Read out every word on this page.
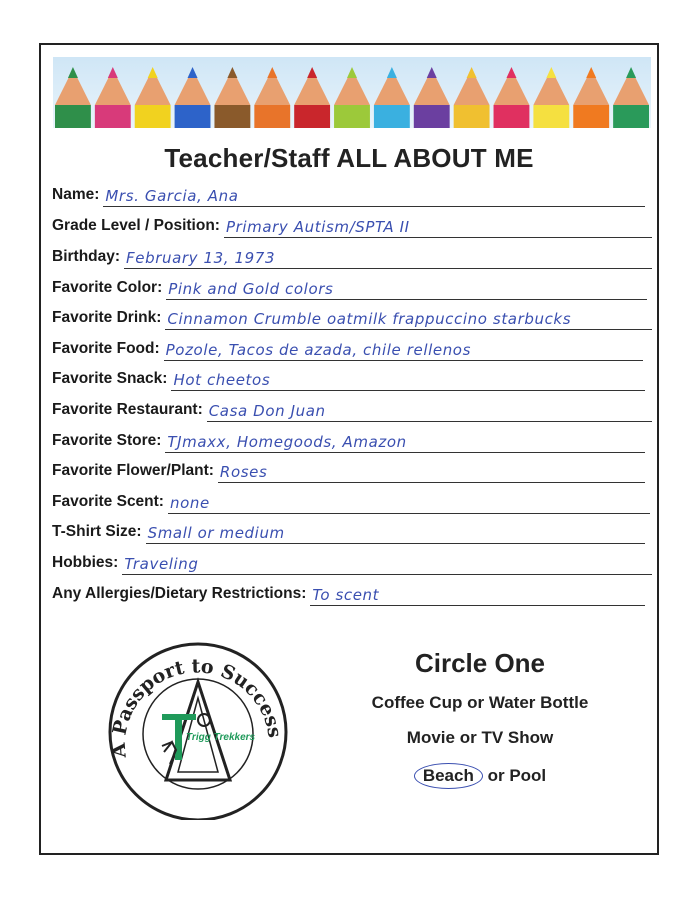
Teacher/Staff ALL ABOUT ME
Name: Mrs. Garcia, Ana
Grade Level / Position: Primary Autism/SPTA II
Birthday: February 13, 1973
Favorite Color: Pink and Gold colors
Favorite Drink: Cinnamon Crumble oatmilk frappuccino starbucks
Favorite Food: Pozole, Tacos de azada, chile rellenos
Favorite Snack: Hot cheetos
Favorite Restaurant: Casa Don Juan
Favorite Store: TJmaxx, Homegoods, Amazon
Favorite Flower/Plant: Roses
Favorite Scent: none
T-Shirt Size: Small or medium
Hobbies: Traveling
Any Allergies/Dietary Restrictions: To scent
A Passport to Success
Trigg Trekkers
Circle One
Coffee Cup or Water Bottle
Movie or TV Show
Beach or Pool
